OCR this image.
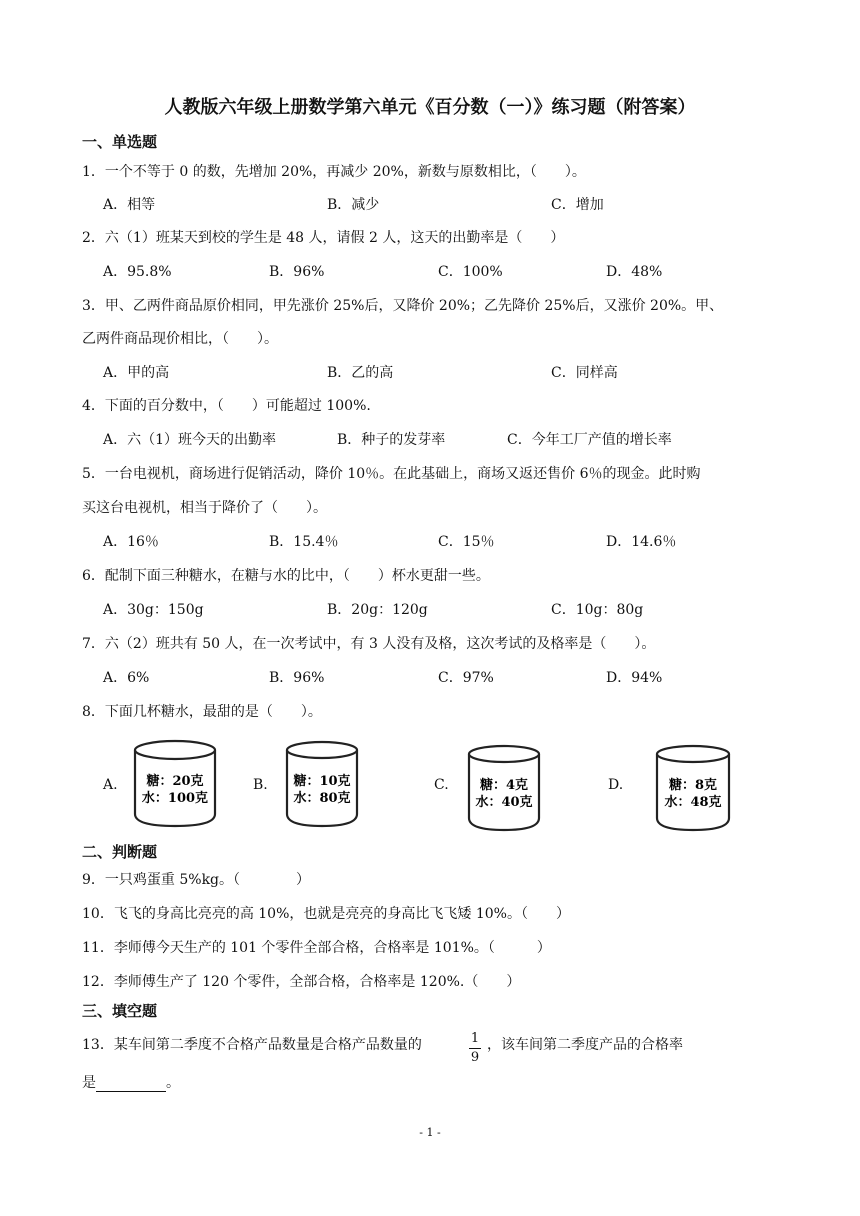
人教版六年级上册数学第六单元《百分数（一）》练习题（附答案）
一、单选题
1．一个不等于 0 的数，先增加 20%，再减少 20%，新数与原数相比，（　　）。
A．相等	B．减少	C．增加
2．六（1）班某天到校的学生是 48 人，请假 2 人，这天的出勤率是（　　）
A．95.8%	B．96%	C．100%	D．48%
3．甲、乙两件商品原价相同，甲先涨价 25%后，又降价 20%；乙先降价 25%后，又涨价 20%。甲、
乙两件商品现价相比，（　　）。
A．甲的高	B．乙的高	C．同样高
4．下面的百分数中，（　　）可能超过 100%.
A．六（1）班今天的出勤率	B．种子的发芽率	C．今年工厂产值的增长率
5．一台电视机，商场进行促销活动，降价 10％。在此基础上，商场又返还售价 6％的现金。此时购
买这台电视机，相当于降价了（　　）。
A．16％	B．15.4％	C．15％	D．14.6％
6．配制下面三种糖水，在糖与水的比中，（　　）杯水更甜一些。
A．30g：150g	B．20g：120g	C．10g：80g
7．六（2）班共有 50 人，在一次考试中，有 3 人没有及格，这次考试的及格率是（　　）。
A．6%	B．96%	C．97%	D．94%
8．下面几杯糖水，最甜的是（　　）。
A. 糖：20克
水：100克
B. 糖：10克
水：80克
C. 糖：4克
水：40克
D.	糖：8克
水：48克
二、判断题
9．一只鸡蛋重 5%kg。（　　　　）
10．飞飞的身高比亮亮的高 10%，也就是亮亮的身高比飞飞矮 10%。（　　）
11．李师傅今天生产的 101 个零件全部合格，合格率是 101%。（　　　）
12．李师傅生产了 120 个零件，全部合格，合格率是 120%.（　　）
三、填空题
13．某车间第二季度不合格产品数量是合格产品数量的	1
9
，该车间第二季度产品的合格率
是	。
- 1 -
